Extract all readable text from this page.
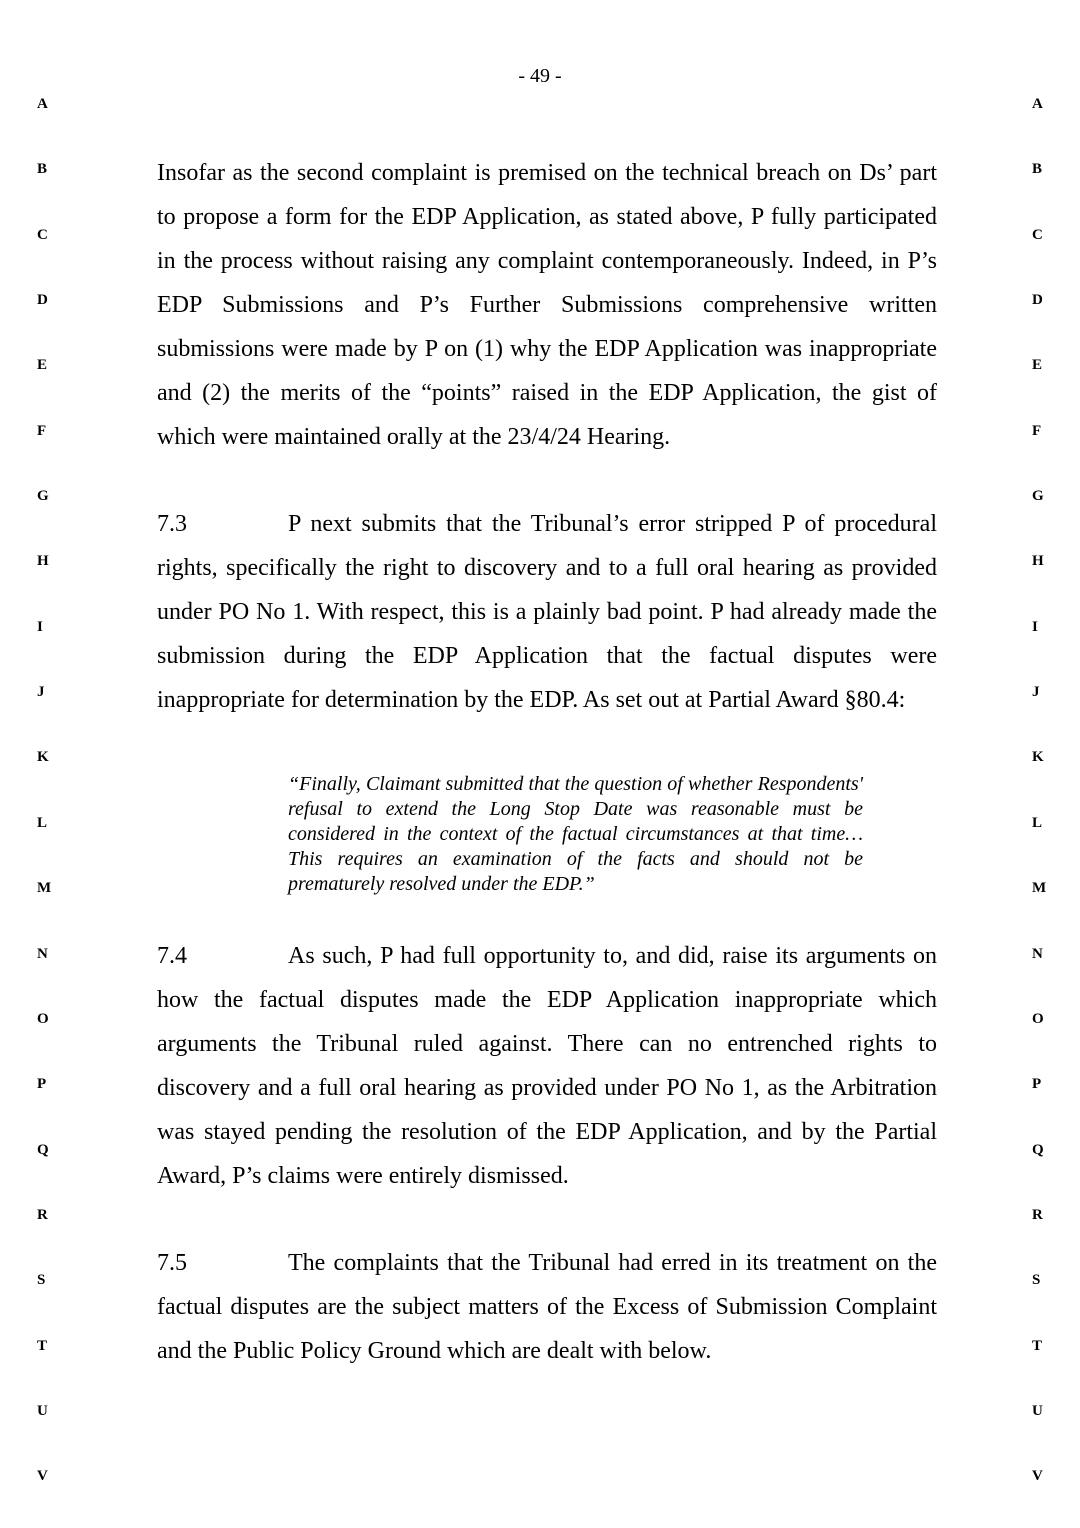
- 49 -
A
B
C
D
E
F
G
H
I
J
K
L
M
N
O
P
Q
R
S
T
U
V
A
B
C
D
E
F
G
H
I
J
K
L
M
N
O
P
Q
R
S
T
U
V

Insofar as the second complaint is premised on the technical breach on Ds’ part to propose a form for the EDP Application, as stated above, P fully participated in the process without raising any complaint contemporaneously. Indeed, in P’s EDP Submissions and P’s Further Submissions comprehensive written submissions were made by P on (1) why the EDP Application was inappropriate and (2) the merits of the “points” raised in the EDP Application, the gist of which were maintained orally at the 23/4/24 Hearing.

7.3	P next submits that the Tribunal’s error stripped P of procedural rights, specifically the right to discovery and to a full oral hearing as provided under PO No 1. With respect, this is a plainly bad point. P had already made the submission during the EDP Application that the factual disputes were inappropriate for determination by the EDP. As set out at Partial Award §80.4:

“Finally, Claimant submitted that the question of whether Respondents' refusal to extend the Long Stop Date was reasonable must be considered in the context of the factual circumstances at that time… This requires an examination of the facts and should not be prematurely resolved under the EDP.”

7.4	As such, P had full opportunity to, and did, raise its arguments on how the factual disputes made the EDP Application inappropriate which arguments the Tribunal ruled against. There can no entrenched rights to discovery and a full oral hearing as provided under PO No 1, as the Arbitration was stayed pending the resolution of the EDP Application, and by the Partial Award, P’s claims were entirely dismissed.

7.5	The complaints that the Tribunal had erred in its treatment on the factual disputes are the subject matters of the Excess of Submission Complaint and the Public Policy Ground which are dealt with below.
